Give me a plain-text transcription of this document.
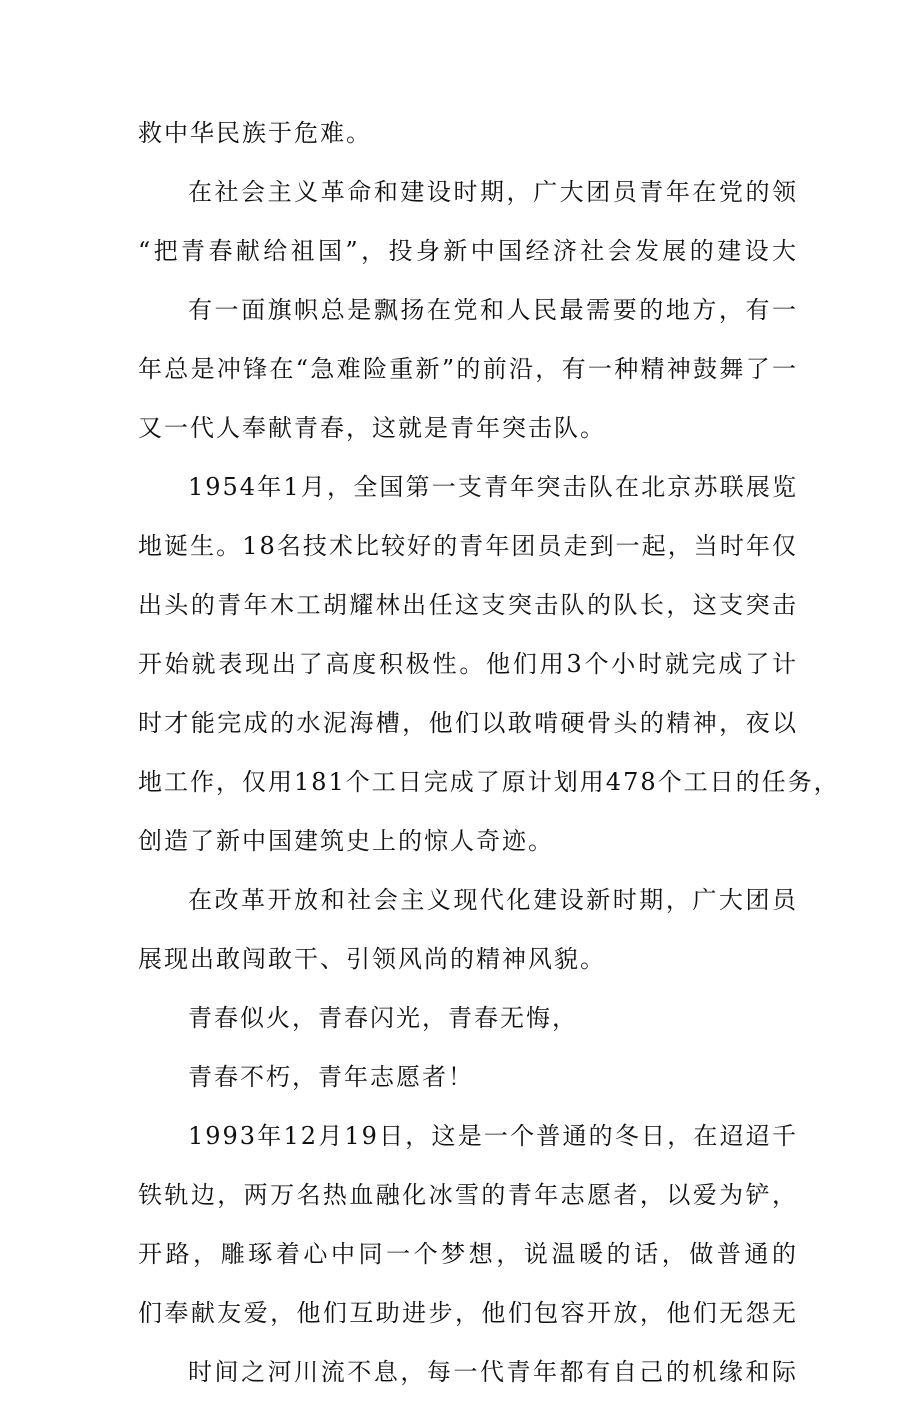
救中华民族于危难。
在社会主义革命和建设时期，广大团员青年在党的领
“把青春献给祖国”，投身新中国经济社会发展的建设大
有一面旗帜总是飘扬在党和人民最需要的地方，有一
年总是冲锋在“急难险重新”的前沿，有一种精神鼓舞了一
又一代人奉献青春，这就是青年突击队。
1954年1月，全国第一支青年突击队在北京苏联展览
地诞生。18名技术比较好的青年团员走到一起，当时年仅
出头的青年木工胡耀林出任这支突击队的队长，这支突击
开始就表现出了高度积极性。他们用3个小时就完成了计
时才能完成的水泥海槽，他们以敢啃硬骨头的精神，夜以
地工作，仅用181个工日完成了原计划用478个工日的任务，
创造了新中国建筑史上的惊人奇迹。
在改革开放和社会主义现代化建设新时期，广大团员
展现出敢闯敢干、引领风尚的精神风貌。
青春似火，青春闪光，青春无悔，
青春不朽，青年志愿者！
1993年12月19日，这是一个普通的冬日，在迢迢千
铁轨边，两万名热血融化冰雪的青年志愿者，以爱为铲，
开路，雕琢着心中同一个梦想，说温暖的话，做普通的
们奉献友爱，他们互助进步，他们包容开放，他们无怨无
时间之河川流不息，每一代青年都有自己的机缘和际
